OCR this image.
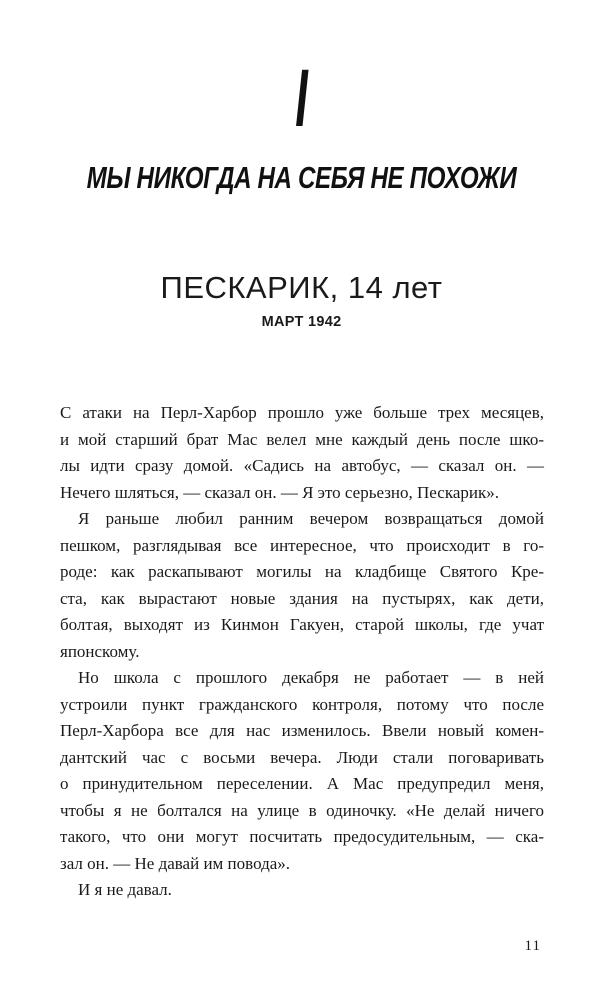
I
МЫ НИКОГДА НА СЕБЯ НЕ ПОХОЖИ
ПЕСКАРИК, 14 лет
МАРТ 1942
С атаки на Перл-Харбор прошло уже больше трех месяцев,
и мой старший брат Мас велел мне каждый день после шко-
лы идти сразу домой. «Садись на автобус, — сказал он. —
Нечего шляться, — сказал он. — Я это серьезно, Пескарик».
Я раньше любил ранним вечером возвращаться домой
пешком, разглядывая все интересное, что происходит в го-
роде: как раскапывают могилы на кладбище Святого Кре-
ста, как вырастают новые здания на пустырях, как дети,
болтая, выходят из Кинмон Гакуен, старой школы, где учат
японскому.
Но школа с прошлого декабря не работает — в ней
устроили пункт гражданского контроля, потому что после
Перл-Харбора все для нас изменилось. Ввели новый комен-
дантский час с восьми вечера. Люди стали поговаривать
о принудительном переселении. А Мас предупредил меня,
чтобы я не болтался на улице в одиночку. «Не делай ничего
такого, что они могут посчитать предосудительным, — ска-
зал он. — Не давай им повода».
И я не давал.
11
